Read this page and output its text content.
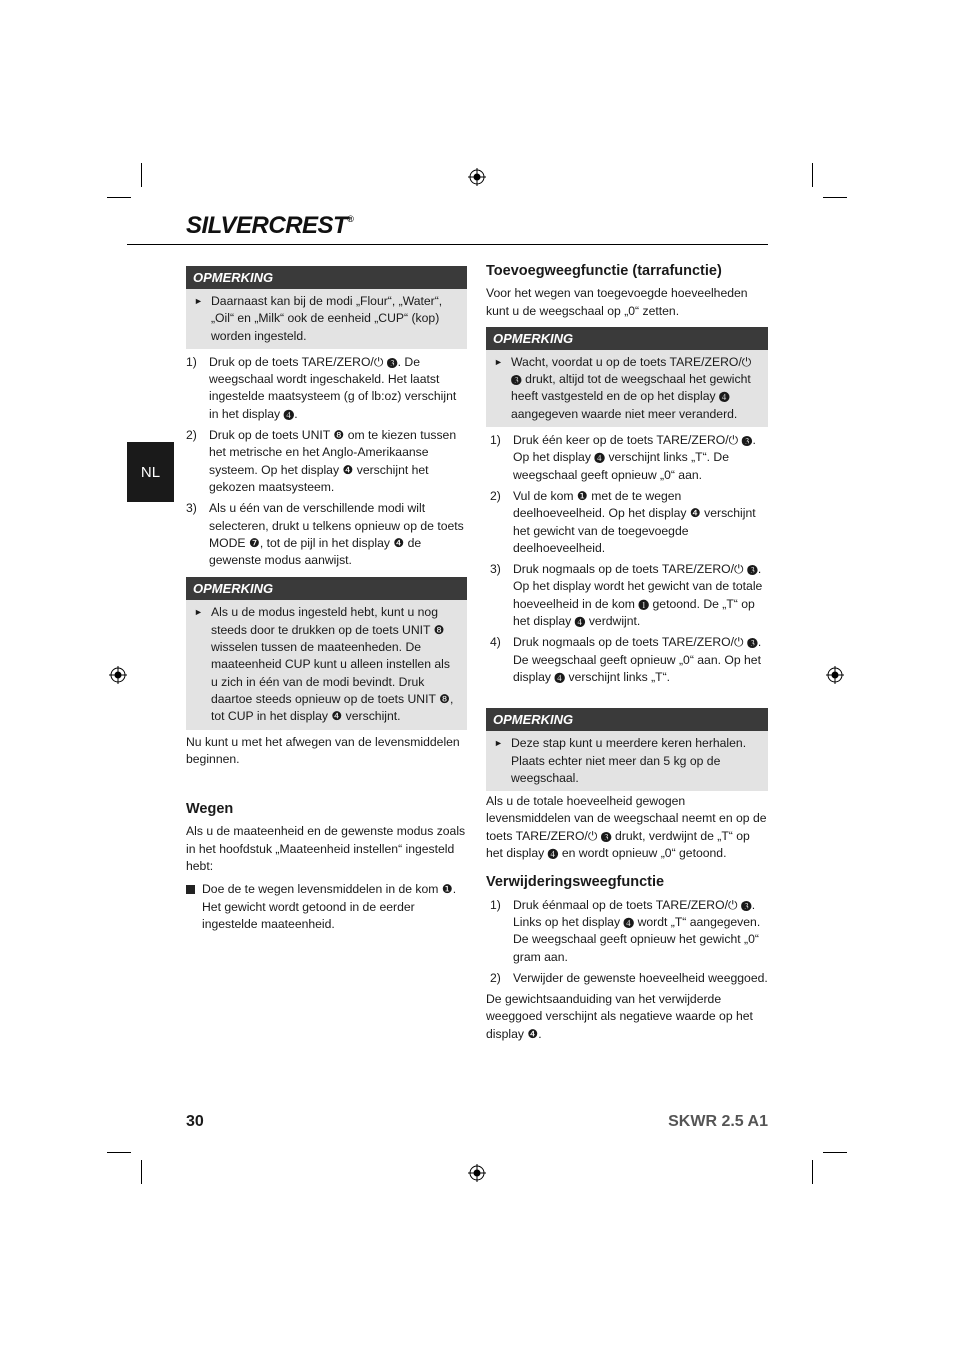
SILVERCREST®
NL
OPMERKING
► Daarnaast kan bij de modi „Flour“, „Water“, „Oil“ en „Milk“ ook de eenheid „CUP“ (kop) worden ingesteld.

1) Druk op de toets TARE/ZERO/⏻ ❸. De weegschaal wordt ingeschakeld. Het laatst ingestelde maatsysteem (g of lb:oz) verschijnt in het display ❹.

2) Druk op de toets UNIT ❽ om te kiezen tussen het metrische en het Anglo-Amerikaanse systeem. Op het display ❹ verschijnt het gekozen maatsysteem.

3) Als u één van de verschillende modi wilt selecteren, drukt u telkens opnieuw op de toets MODE ❼, tot de pijl in het display ❹ de gewenste modus aanwijst.

OPMERKING
► Als u de modus ingesteld hebt, kunt u nog steeds door te drukken op de toets UNIT ❽ wisselen tussen de maateenheden. De maateenheid CUP kunt u alleen instellen als u zich in één van de modi bevindt. Druk daartoe steeds opnieuw op de toets UNIT ❽, tot CUP in het display ❹ verschijnt.

Nu kunt u met het afwegen van de levensmiddelen beginnen.

Wegen

Als u de maateenheid en de gewenste modus zoals in het hoofdstuk „Maateenheid instellen“ ingesteld hebt:

Doe de te wegen levensmiddelen in de kom ❶. Het gewicht wordt getoond in de eerder ingestelde maateenheid.

Toevoegweegfunctie (tarrafunctie)

Voor het wegen van toegevoegde hoeveelheden kunt u de weegschaal op „0“ zetten.

OPMERKING
► Wacht, voordat u op de toets TARE/ZERO/⏻ ❸ drukt, altijd tot de weegschaal het gewicht heeft vastgesteld en de op het display ❹ aangegeven waarde niet meer veranderd.

1) Druk één keer op de toets TARE/ZERO/⏻ ❸. Op het display ❹ verschijnt links „T“. De weegschaal geeft opnieuw „0“ aan.

2) Vul de kom ❶ met de te wegen deelhoeveelheid. Op het display ❹ verschijnt het gewicht van de toegevoegde deelhoeveelheid.

3) Druk nogmaals op de toets TARE/ZERO/⏻ ❸. Op het display wordt het gewicht van de totale hoeveelheid in de kom ❶ getoond. De „T“ op het display ❹ verdwijnt.

4) Druk nogmaals op de toets TARE/ZERO/⏻ ❸. De weegschaal geeft opnieuw „0“ aan. Op het display ❹ verschijnt links „T“.

OPMERKING
► Deze stap kunt u meerdere keren herhalen. Plaats echter niet meer dan 5 kg op de weegschaal.

Als u de totale hoeveelheid gewogen levensmiddelen van de weegschaal neemt en op de toets TARE/ZERO/⏻ ❸ drukt, verdwijnt de „T“ op het display ❹ en wordt opnieuw „0“ getoond.

Verwijderingsweegfunctie
1) Druk éénmaal op de toets TARE/ZERO/⏻ ❸. Links op het display ❹ wordt „T“ aangegeven. De weegschaal geeft opnieuw het gewicht „0“ gram aan.

2) Verwijder de gewenste hoeveelheid weeggoed.

De gewichtsaanduiding van het verwijderde weeggoed verschijnt als negatieve waarde op het display ❹.

30	SKWR 2.5 A1
